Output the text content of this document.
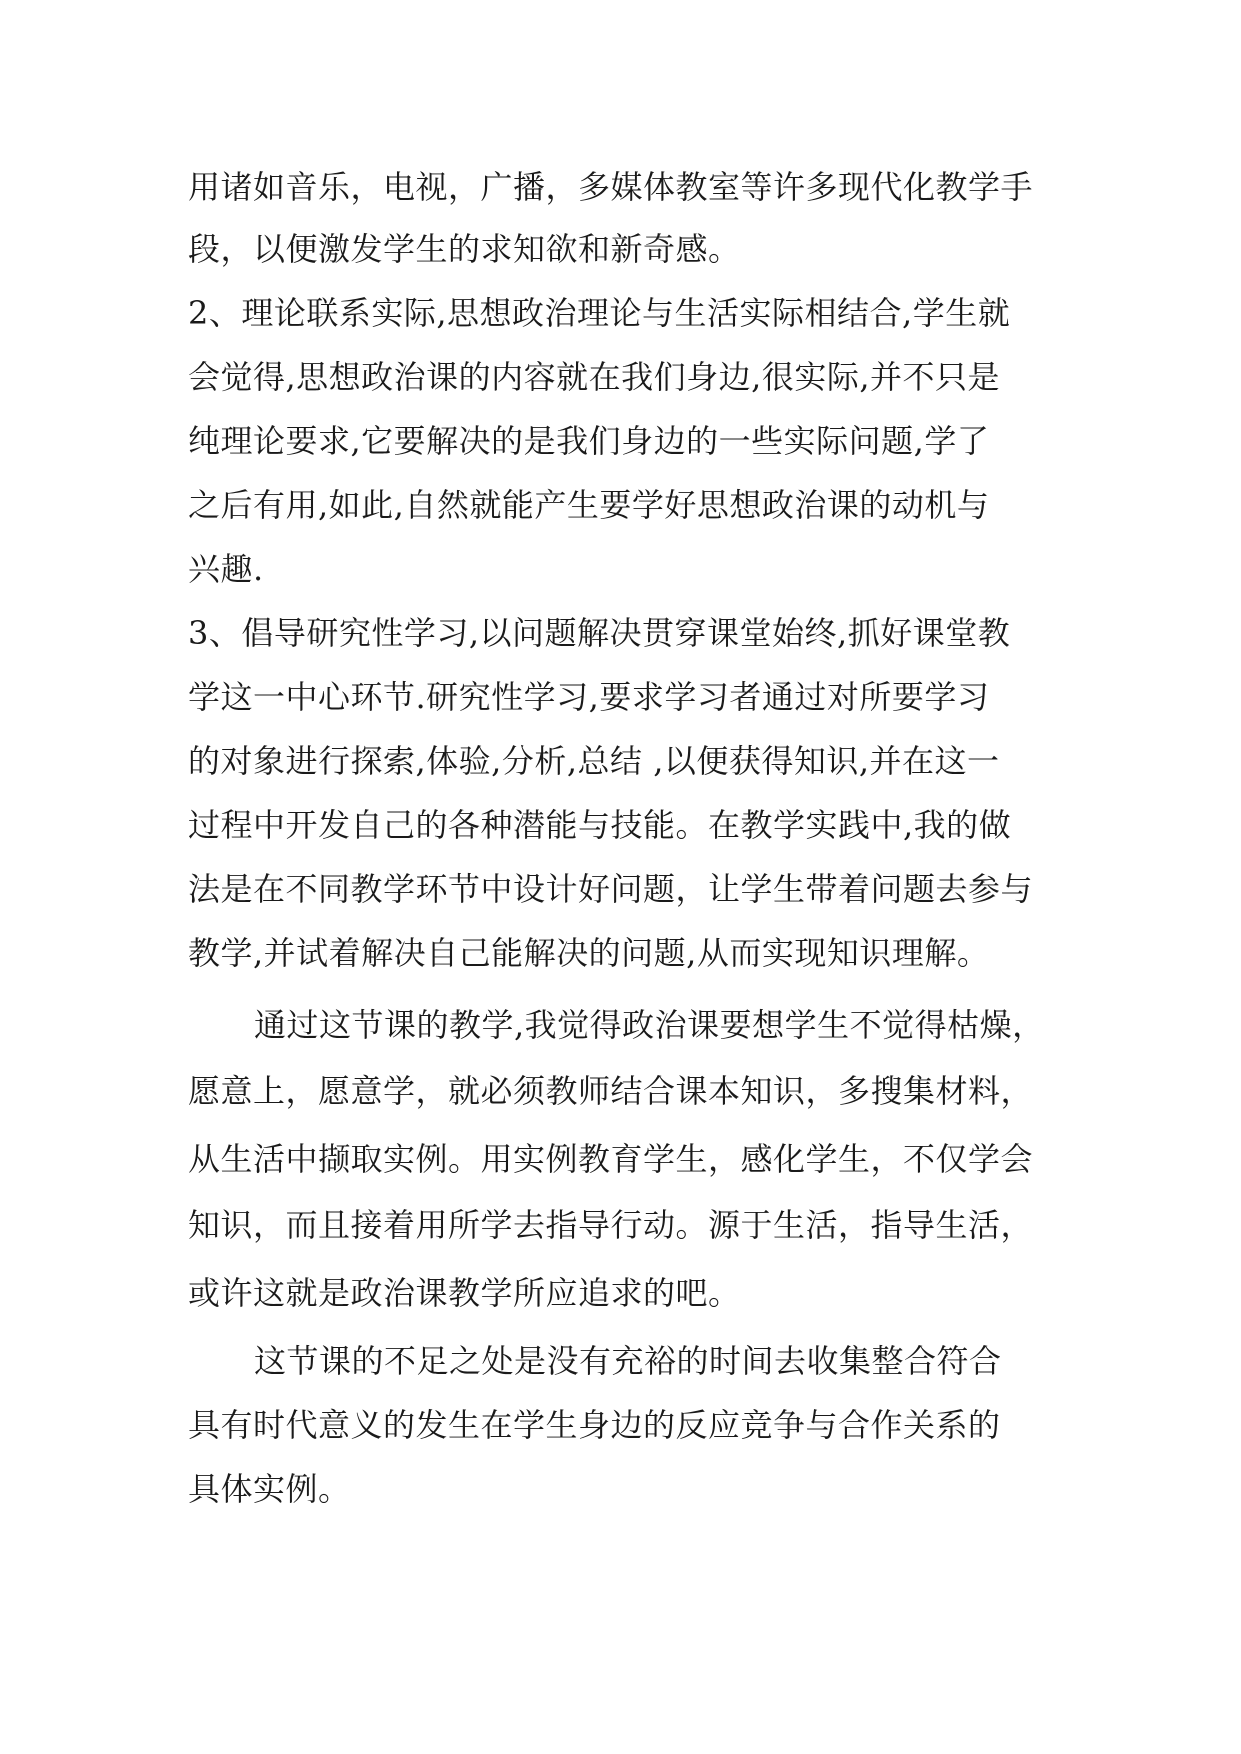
用诸如音乐，电视，广播，多媒体教室等许多现代化教学手

段，以便激发学生的求知欲和新奇感。

2、理论联系实际,思想政治理论与生活实际相结合,学生就

会觉得,思想政治课的内容就在我们身边,很实际,并不只是

纯理论要求,它要解决的是我们身边的一些实际问题,学了

之后有用,如此,自然就能产生要学好思想政治课的动机与

兴趣.

3、倡导研究性学习,以问题解决贯穿课堂始终,抓好课堂教

学这一中心环节.研究性学习,要求学习者通过对所要学习

的对象进行探索,体验,分析,总结 ,以便获得知识,并在这一

过程中开发自己的各种潜能与技能。在教学实践中,我的做

法是在不同教学环节中设计好问题，让学生带着问题去参与

教学,并试着解决自己能解决的问题,从而实现知识理解。

通过这节课的教学,我觉得政治课要想学生不觉得枯燥，

愿意上，愿意学，就必须教师结合课本知识，多搜集材料，

从生活中撷取实例。用实例教育学生，感化学生，不仅学会

知识，而且接着用所学去指导行动。源于生活，指导生活，

或许这就是政治课教学所应追求的吧。

这节课的不足之处是没有充裕的时间去收集整合符合

具有时代意义的发生在学生身边的反应竞争与合作关系的

具体实例。
